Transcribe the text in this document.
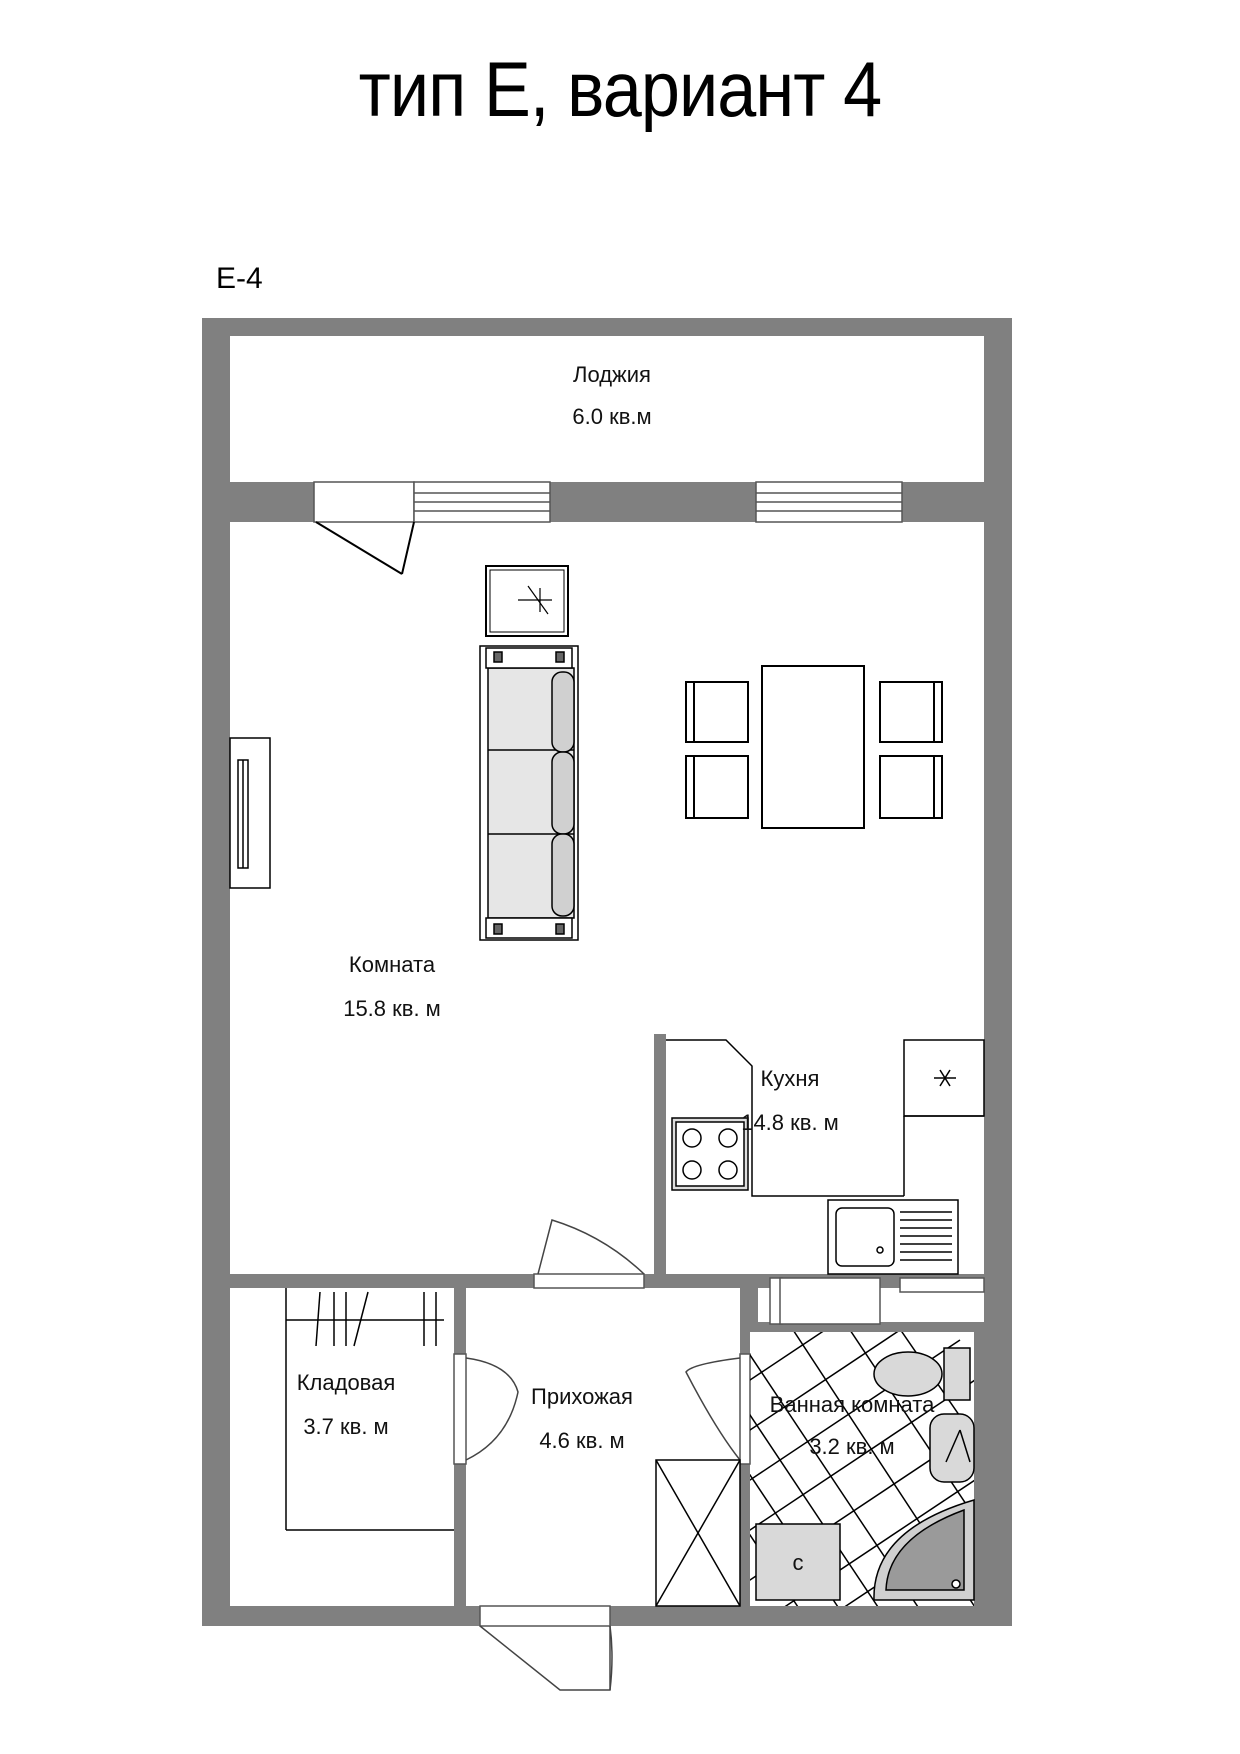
тип Е, вариант 4
Е-4
Лоджия
6.0 кв.м
Комната
15.8 кв. м
Кухня
14.8 кв. м
Кладовая
3.7 кв. м
Прихожая
4.6 кв. м
Ванная комната
3.2 кв. м
с
